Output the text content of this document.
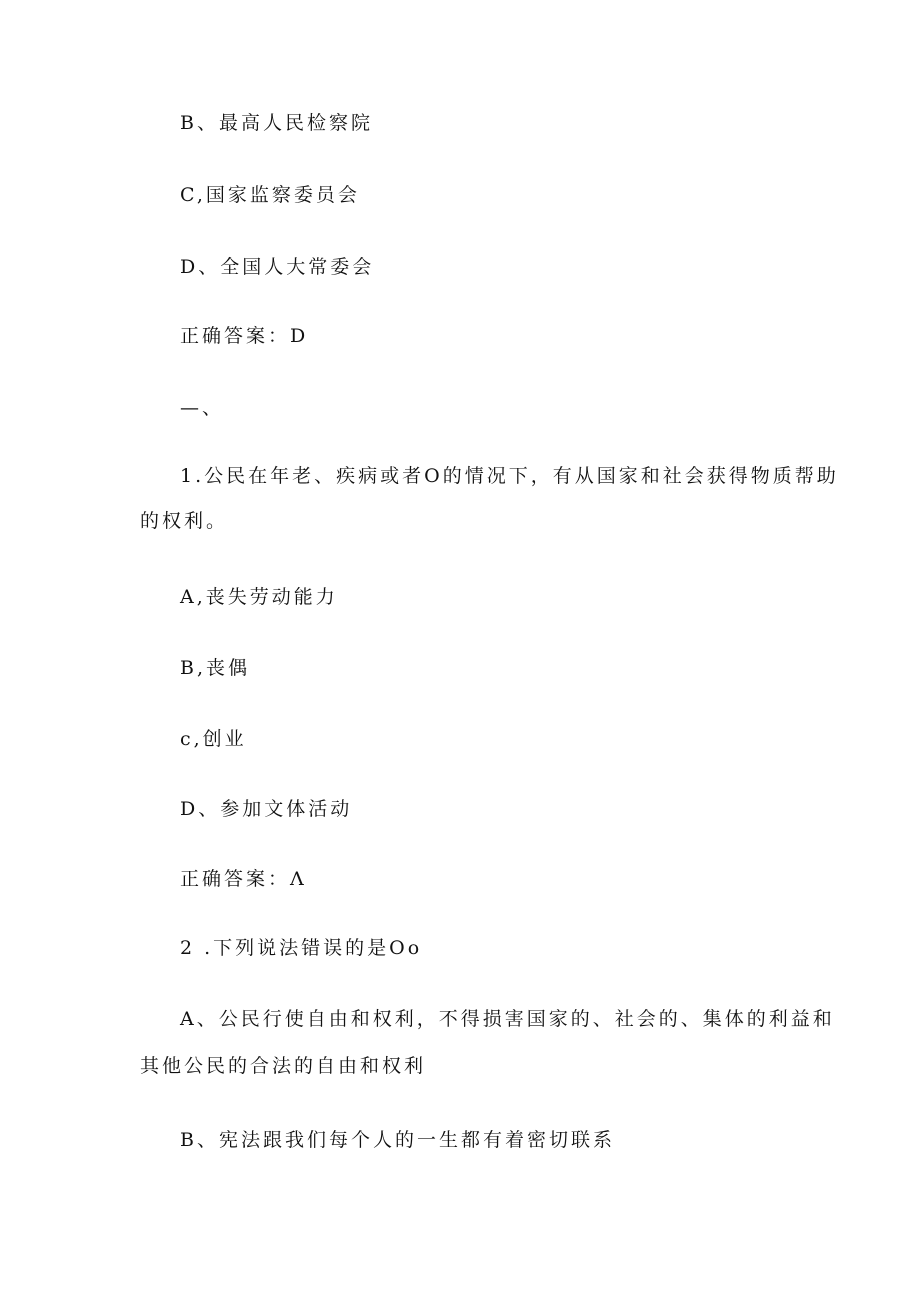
B、最高人民检察院
C,国家监察委员会
D、全国人大常委会
正确答案：D
—、
1.公民在年老、疾病或者O的情况下，有从国家和社会获得物质帮助
的权利。
A,丧失劳动能力
B,丧偶
c,创业
D、参加文体活动
正确答案：Λ
2 .下列说法错误的是Oo
A、公民行使自由和权利，不得损害国家的、社会的、集体的利益和
其他公民的合法的自由和权利
B、宪法跟我们每个人的一生都有着密切联系
